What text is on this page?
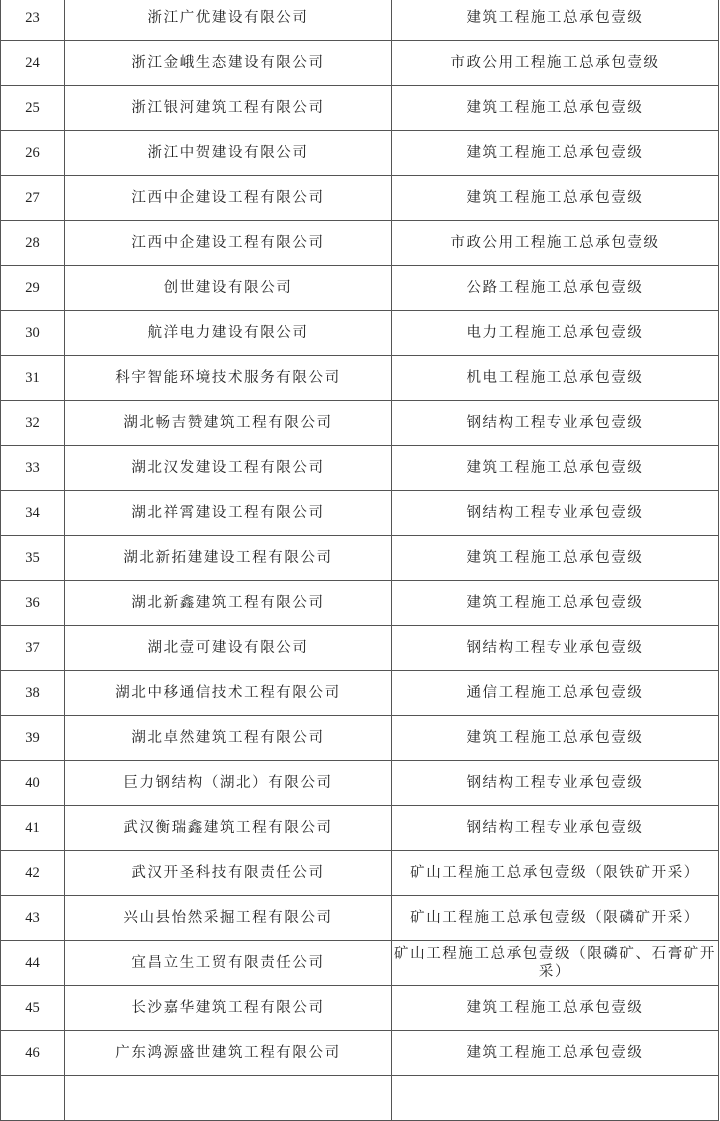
23	浙江广优建设有限公司	建筑工程施工总承包壹级
24	浙江金峨生态建设有限公司	市政公用工程施工总承包壹级
25	浙江银河建筑工程有限公司	建筑工程施工总承包壹级
26	浙江中贺建设有限公司	建筑工程施工总承包壹级
27	江西中企建设工程有限公司	建筑工程施工总承包壹级
28	江西中企建设工程有限公司	市政公用工程施工总承包壹级
29	创世建设有限公司	公路工程施工总承包壹级
30	航洋电力建设有限公司	电力工程施工总承包壹级
31	科宇智能环境技术服务有限公司	机电工程施工总承包壹级
32	湖北畅吉赞建筑工程有限公司	钢结构工程专业承包壹级
33	湖北汉发建设工程有限公司	建筑工程施工总承包壹级
34	湖北祥霄建设工程有限公司	钢结构工程专业承包壹级
35	湖北新拓建建设工程有限公司	建筑工程施工总承包壹级
36	湖北新鑫建筑工程有限公司	建筑工程施工总承包壹级
37	湖北壹可建设有限公司	钢结构工程专业承包壹级
38	湖北中移通信技术工程有限公司	通信工程施工总承包壹级
39	湖北卓然建筑工程有限公司	建筑工程施工总承包壹级
40	巨力钢结构（湖北）有限公司	钢结构工程专业承包壹级
41	武汉衡瑞鑫建筑工程有限公司	钢结构工程专业承包壹级
42	武汉开圣科技有限责任公司	矿山工程施工总承包壹级（限铁矿开采）
43	兴山县怡然采掘工程有限公司	矿山工程施工总承包壹级（限磷矿开采）
44	宜昌立生工贸有限责任公司	矿山工程施工总承包壹级（限磷矿、石膏矿开采）
45	长沙嘉华建筑工程有限公司	建筑工程施工总承包壹级
46	广东鸿源盛世建筑工程有限公司	建筑工程施工总承包壹级
